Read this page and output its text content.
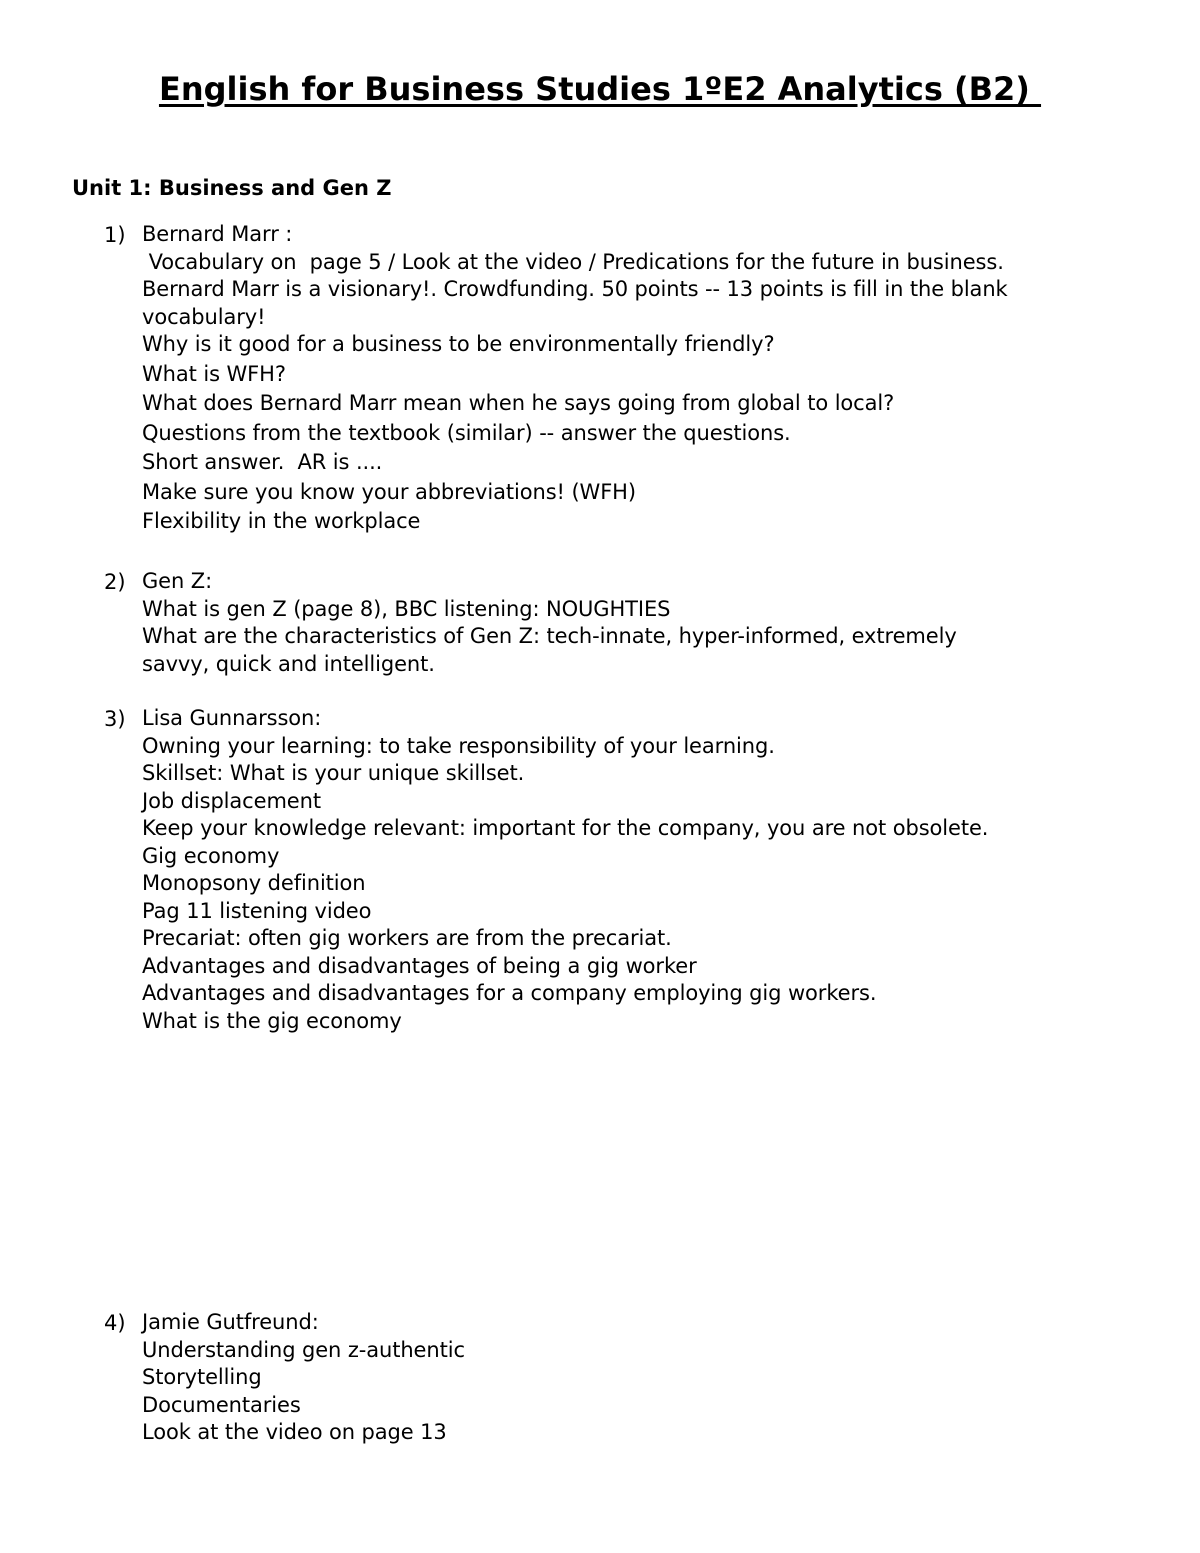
English for Business Studies 1ºE2 Analytics (B2)
Unit 1: Business and Gen Z
1) Bernard Marr :
Vocabulary on  page 5 / Look at the video / Predications for the future in business.
Bernard Marr is a visionary!. Crowdfunding. 50 points -- 13 points is fill in the blank
vocabulary!
Why is it good for a business to be environmentally friendly?
What is WFH?
What does Bernard Marr mean when he says going from global to local?
Questions from the textbook (similar) -- answer the questions.
Short answer.  AR is ....
Make sure you know your abbreviations! (WFH)
Flexibility in the workplace
2) Gen Z:
What is gen Z (page 8), BBC listening: NOUGHTIES
What are the characteristics of Gen Z: tech-innate, hyper-informed, extremely
savvy, quick and intelligent.
3) Lisa Gunnarsson:
Owning your learning: to take responsibility of your learning.
Skillset: What is your unique skillset.
Job displacement
Keep your knowledge relevant: important for the company, you are not obsolete.
Gig economy
Monopsony definition
Pag 11 listening video
Precariat: often gig workers are from the precariat.
Advantages and disadvantages of being a gig worker
Advantages and disadvantages for a company employing gig workers.
What is the gig economy
4) Jamie Gutfreund:
Understanding gen z-authentic
Storytelling
Documentaries
Look at the video on page 13
